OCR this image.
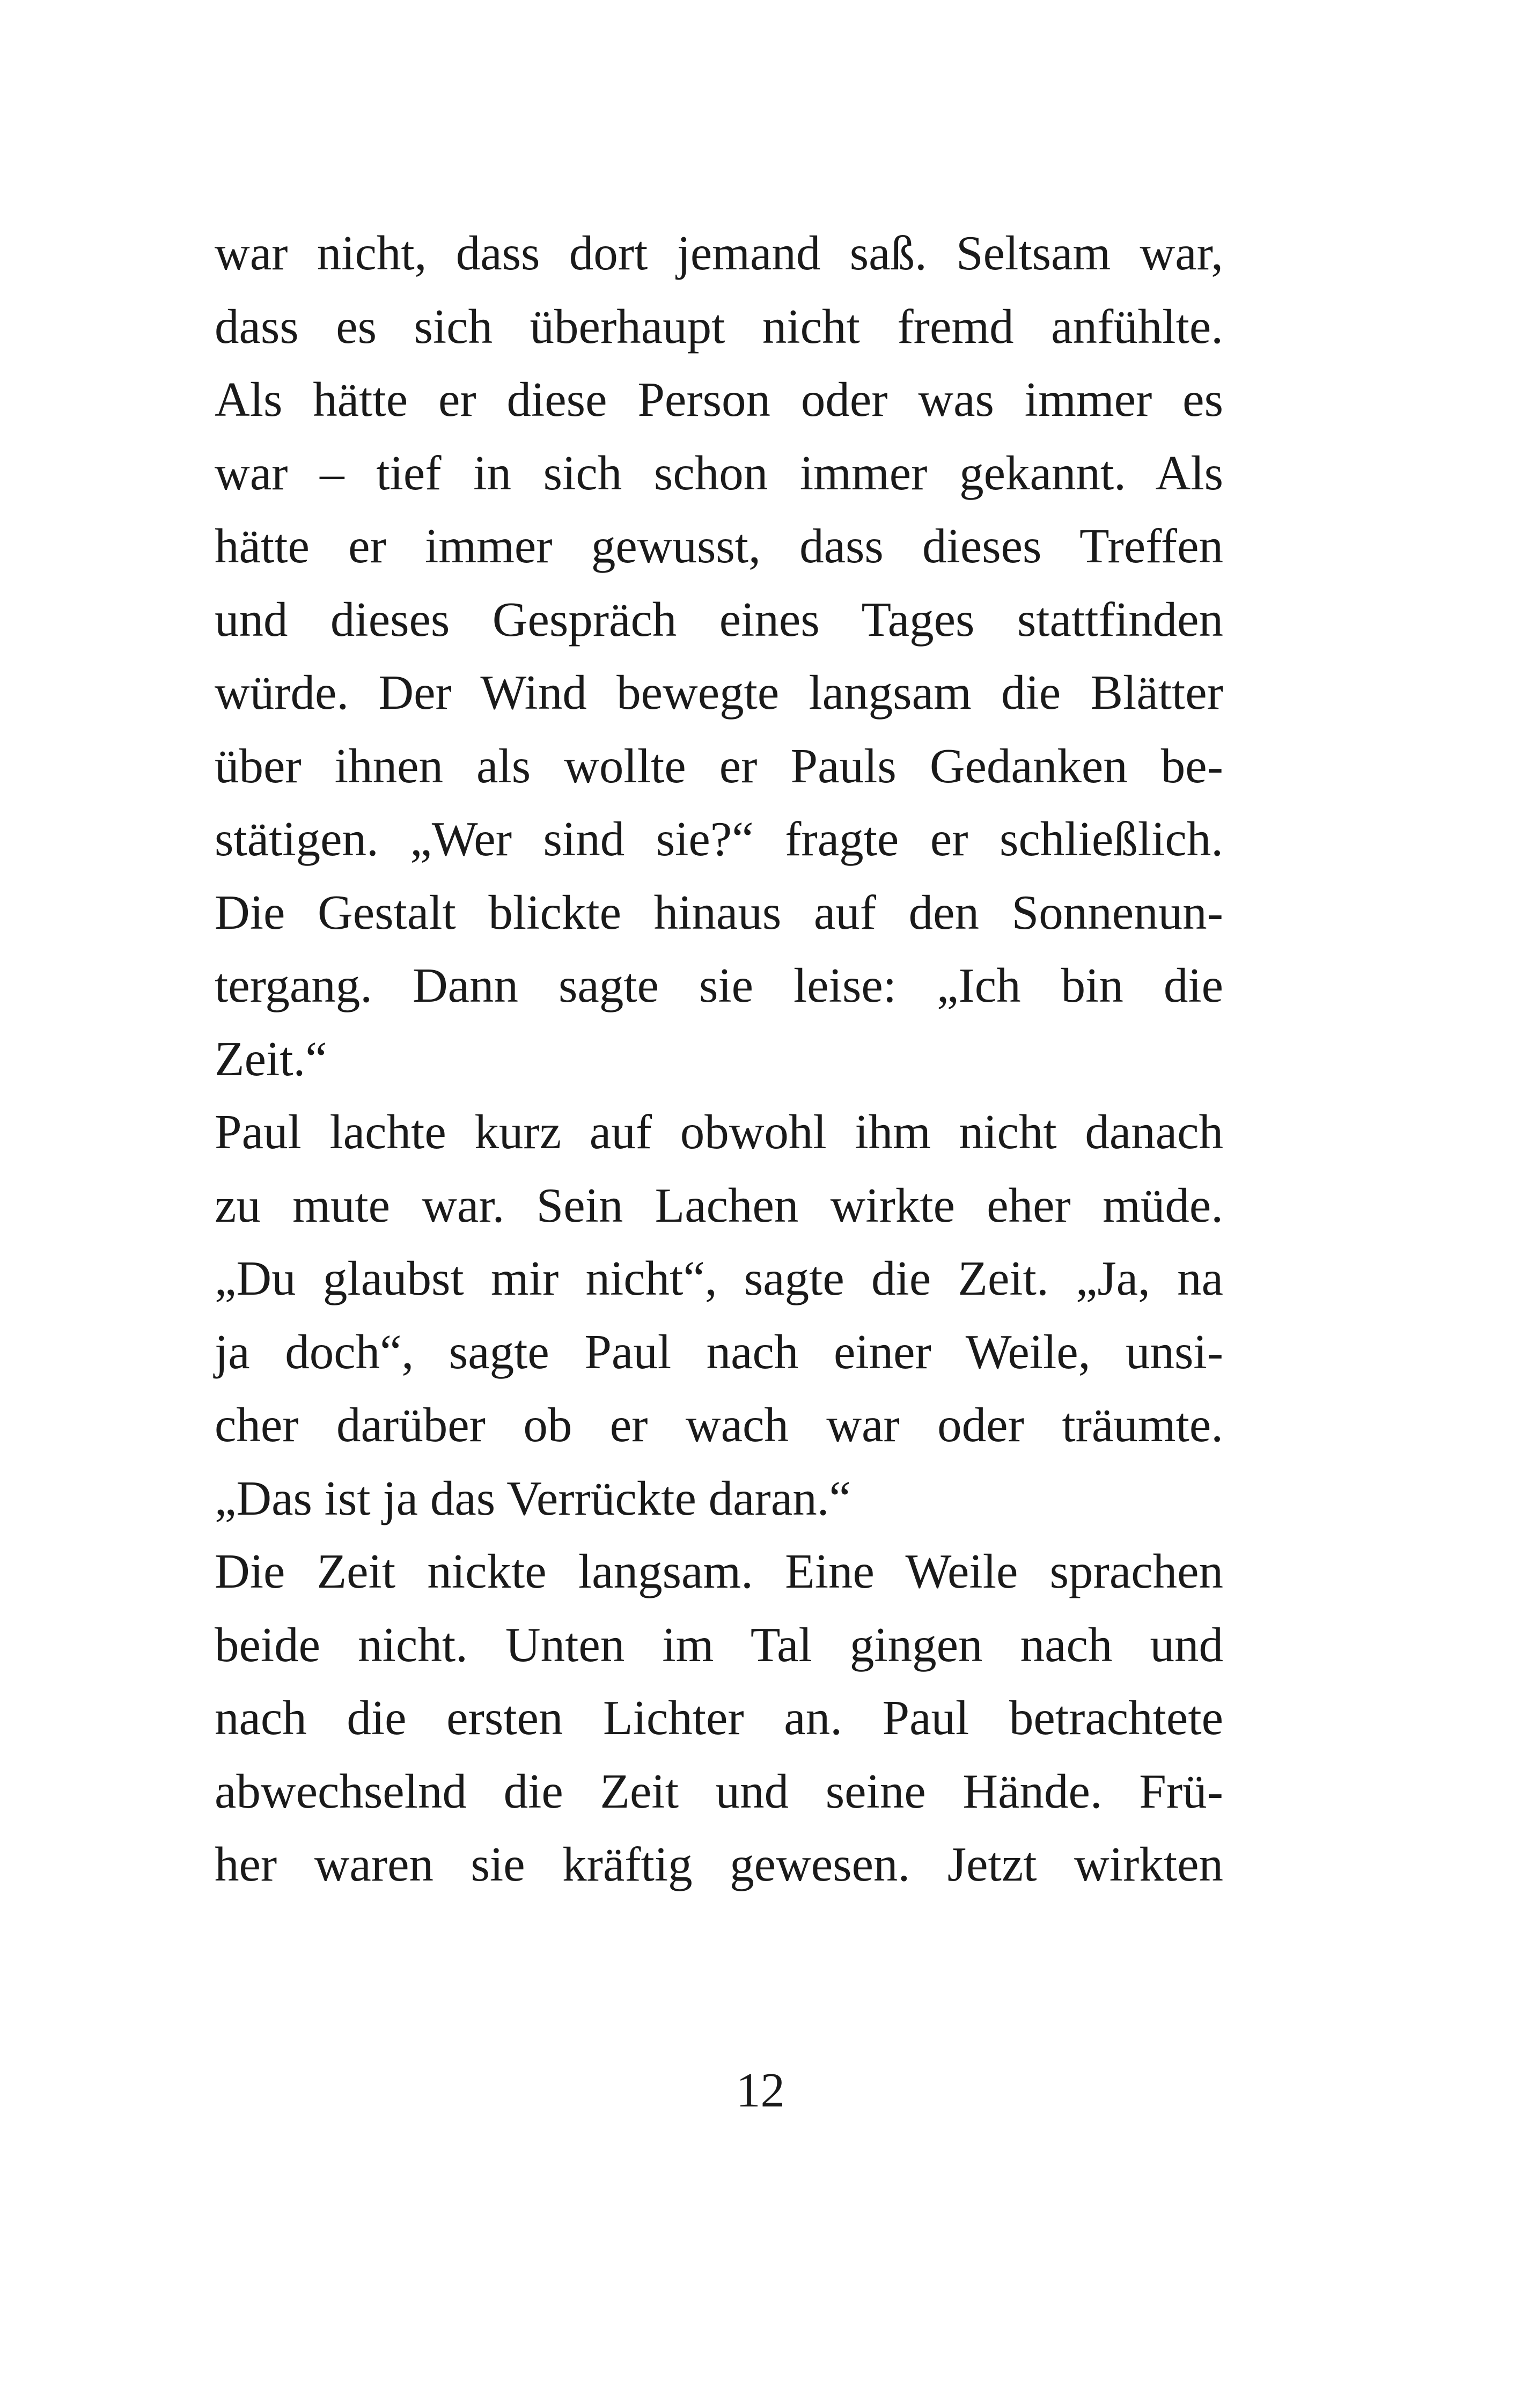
war nicht, dass dort jemand saß. Seltsam war,
dass es sich überhaupt nicht fremd anfühlte.
Als hätte er diese Person oder was immer es
war – tief in sich schon immer gekannt. Als
hätte er immer gewusst, dass dieses Treffen
und dieses Gespräch eines Tages stattfinden
würde. Der Wind bewegte langsam die Blätter
über ihnen als wollte er Pauls Gedanken be-
stätigen. „Wer sind sie?“ fragte er schließlich.
Die Gestalt blickte hinaus auf den Sonnenun-
tergang. Dann sagte sie leise: „Ich bin die
Zeit.“
Paul lachte kurz auf obwohl ihm nicht danach
zu mute war. Sein Lachen wirkte eher müde.
„Du glaubst mir nicht“, sagte die Zeit. „Ja, na
ja doch“, sagte Paul nach einer Weile, unsi-
cher darüber ob er wach war oder träumte.
„Das ist ja das Verrückte daran.“
Die Zeit nickte langsam. Eine Weile sprachen
beide nicht. Unten im Tal gingen nach und
nach die ersten Lichter an. Paul betrachtete
abwechselnd die Zeit und seine Hände. Frü-
her waren sie kräftig gewesen. Jetzt wirkten
12
